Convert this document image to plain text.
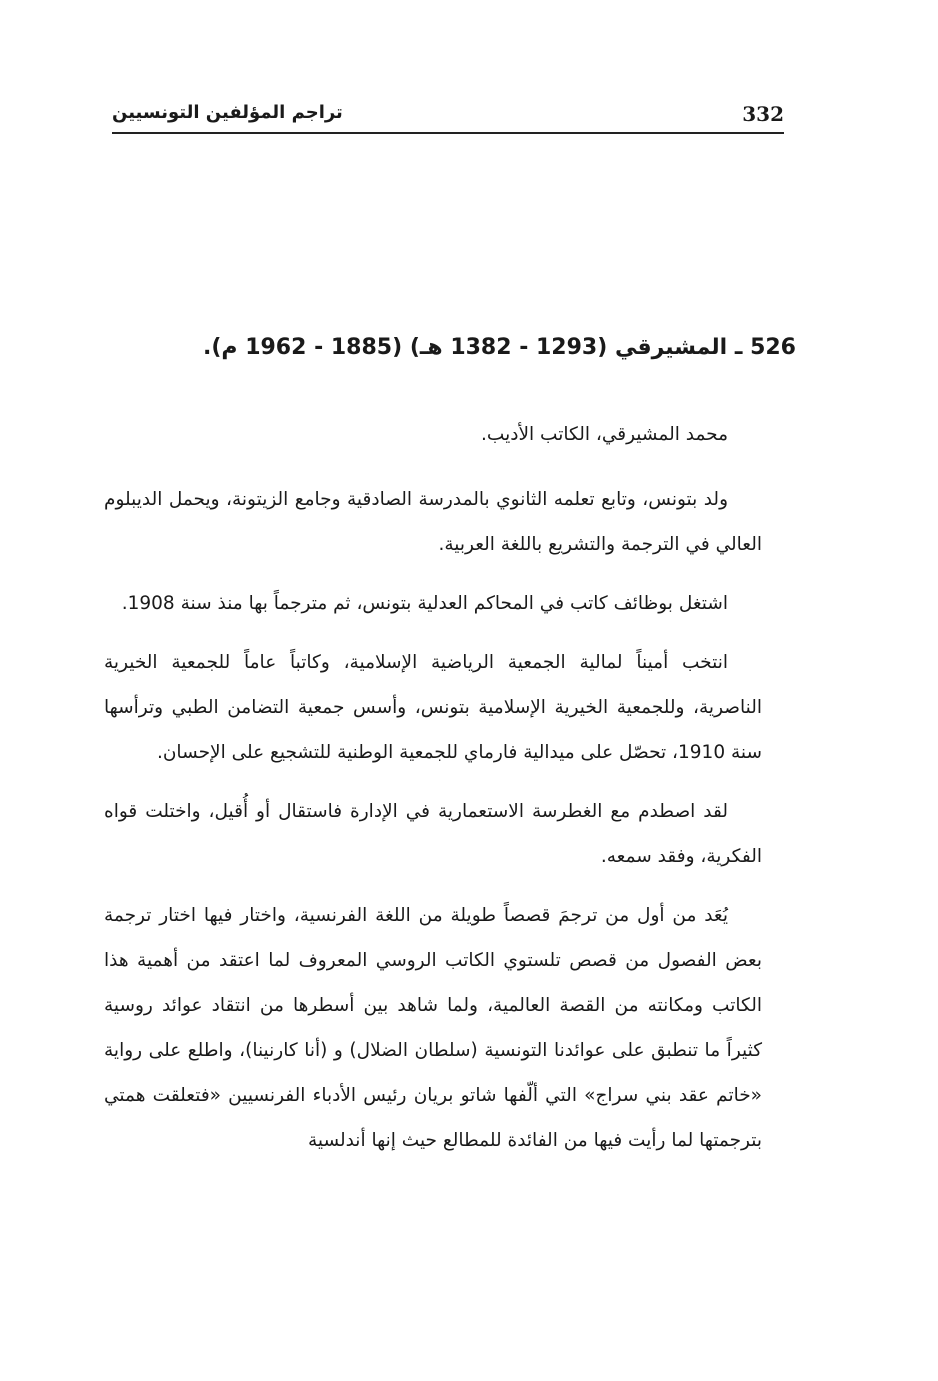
تراجم المؤلفين التونسيين	332
526 ـ المشيرقي (1293 - 1382 هـ) (1885 - 1962 م).

محمد المشيرقي، الكاتب الأديب.

ولد بتونس، وتابع تعلمه الثانوي بالمدرسة الصادقية وجامع الزيتونة، ويحمل الديبلوم العالي في الترجمة والتشريع باللغة العربية.

اشتغل بوظائف كاتب في المحاكم العدلية بتونس، ثم مترجماً بها منذ سنة 1908.

انتخب أميناً لمالية الجمعية الرياضية الإسلامية، وكاتباً عاماً للجمعية الخيرية الناصرية، وللجمعية الخيرية الإسلامية بتونس، وأسس جمعية التضامن الطبي وترأسها سنة 1910، تحصّل على ميدالية فارماي للجمعية الوطنية للتشجيع على الإحسان.

لقد اصطدم مع الغطرسة الاستعمارية في الإدارة فاستقال أو أُقيل، واختلت قواه الفكرية، وفقد سمعه.

يُعَد من أول من ترجمَ قصصاً طويلة من اللغة الفرنسية، واختار فيها اختار ترجمة بعض الفصول من قصص تلستوي الكاتب الروسي المعروف لما اعتقد من أهمية هذا الكاتب ومكانته من القصة العالمية، ولما شاهد بين أسطرها من انتقاد عوائد روسية كثيراً ما تنطبق على عوائدنا التونسية (سلطان الضلال) و (أنا كارنينا)، واطلع على رواية «خاتم عقد بني سراج» التي ألّفها شاتو بريان رئيس الأدباء الفرنسيين «فتعلقت همتي بترجمتها لما رأيت فيها من الفائدة للمطالع حيث إنها أندلسية
